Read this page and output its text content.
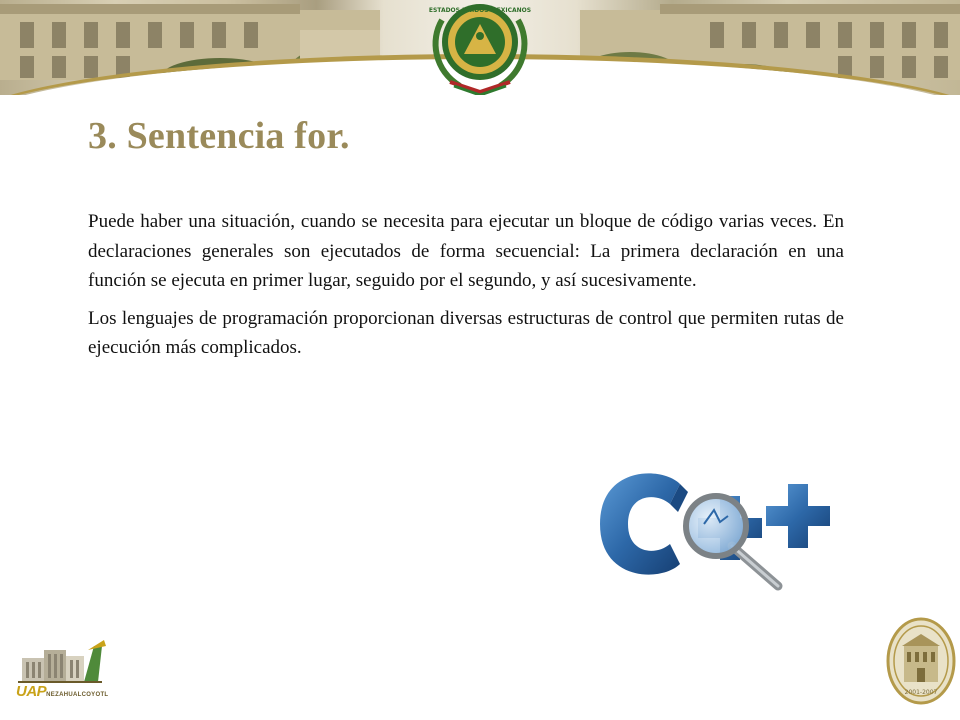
ESTADOS UNIDOS MEXICANOS
3. Sentencia for.

Puede haber una situación, cuando se necesita para ejecutar un bloque de código varias veces. En declaraciones generales son ejecutados de forma secuencial: La primera declaración en una función se ejecuta en primer lugar, seguido por el segundo, y así sucesivamente.

Los lenguajes de programación proporcionan diversas estructuras de control que permiten rutas de ejecución más complicados.

UAPNEZAHUALCOYOTL	2001-2007
